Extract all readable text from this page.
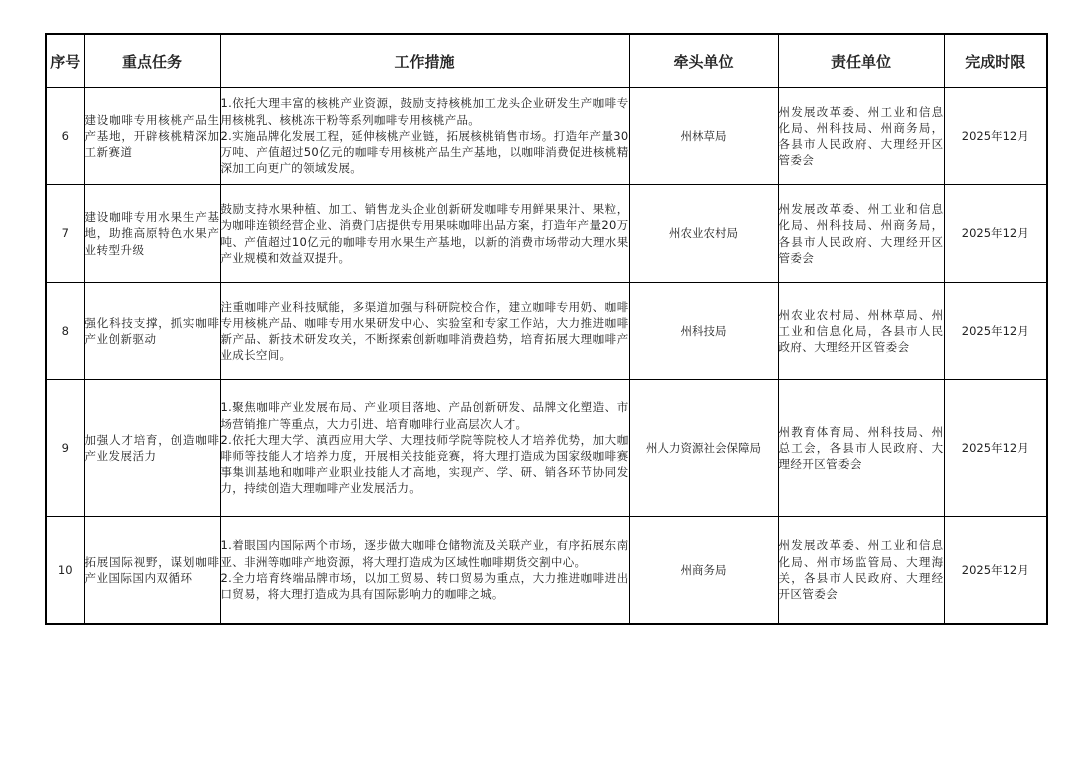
序号	重点任务	工作措施	牵头单位	责任单位	完成时限
6	建设咖啡专用核桃产品生产基地，开辟核桃精深加工新赛道	1.依托大理丰富的核桃产业资源，鼓励支持核桃加工龙头企业研发生产咖啡专用核桃乳、核桃冻干粉等系列咖啡专用核桃产品。

2.实施品牌化发展工程，延伸核桃产业链，拓展核桃销售市场。打造年产量30万吨、产值超过50亿元的咖啡专用核桃产品生产基地，以咖啡消费促进核桃精深加工向更广的领域发展。	州林草局	州发展改革委、州工业和信息化局、州科技局、州商务局，各县市人民政府、大理经开区管委会	2025年12月
7	建设咖啡专用水果生产基地，助推高原特色水果产业转型升级	鼓励支持水果种植、加工、销售龙头企业创新研发咖啡专用鲜果果汁、果粒，为咖啡连锁经营企业、消费门店提供专用果味咖啡出品方案，打造年产量20万吨、产值超过10亿元的咖啡专用水果生产基地，以新的消费市场带动大理水果产业规模和效益双提升。	州农业农村局	州发展改革委、州工业和信息化局、州科技局、州商务局，各县市人民政府、大理经开区管委会	2025年12月
8	强化科技支撑，抓实咖啡产业创新驱动	注重咖啡产业科技赋能，多渠道加强与科研院校合作，建立咖啡专用奶、咖啡专用核桃产品、咖啡专用水果研发中心、实验室和专家工作站，大力推进咖啡新产品、新技术研发攻关，不断探索创新咖啡消费趋势，培育拓展大理咖啡产业成长空间。	州科技局	州农业农村局、州林草局、州工业和信息化局，各县市人民政府、大理经开区管委会	2025年12月
9	加强人才培育，创造咖啡产业发展活力	1.聚焦咖啡产业发展布局、产业项目落地、产品创新研发、品牌文化塑造、市场营销推广等重点，大力引进、培育咖啡行业高层次人才。

2.依托大理大学、滇西应用大学、大理技师学院等院校人才培养优势，加大咖啡师等技能人才培养力度，开展相关技能竞赛，将大理打造成为国家级咖啡赛事集训基地和咖啡产业职业技能人才高地，实现产、学、研、销各环节协同发力，持续创造大理咖啡产业发展活力。	州人力资源社会保障局	州教育体育局、州科技局、州总工会，各县市人民政府、大理经开区管委会	2025年12月
10	拓展国际视野，谋划咖啡产业国际国内双循环	1.着眼国内国际两个市场，逐步做大咖啡仓储物流及关联产业，有序拓展东南亚、非洲等咖啡产地资源，将大理打造成为区域性咖啡期货交割中心。

2.全力培育终端品牌市场，以加工贸易、转口贸易为重点，大力推进咖啡进出口贸易，将大理打造成为具有国际影响力的咖啡之城。	州商务局	州发展改革委、州工业和信息化局、州市场监管局、大理海关，各县市人民政府、大理经开区管委会	2025年12月
